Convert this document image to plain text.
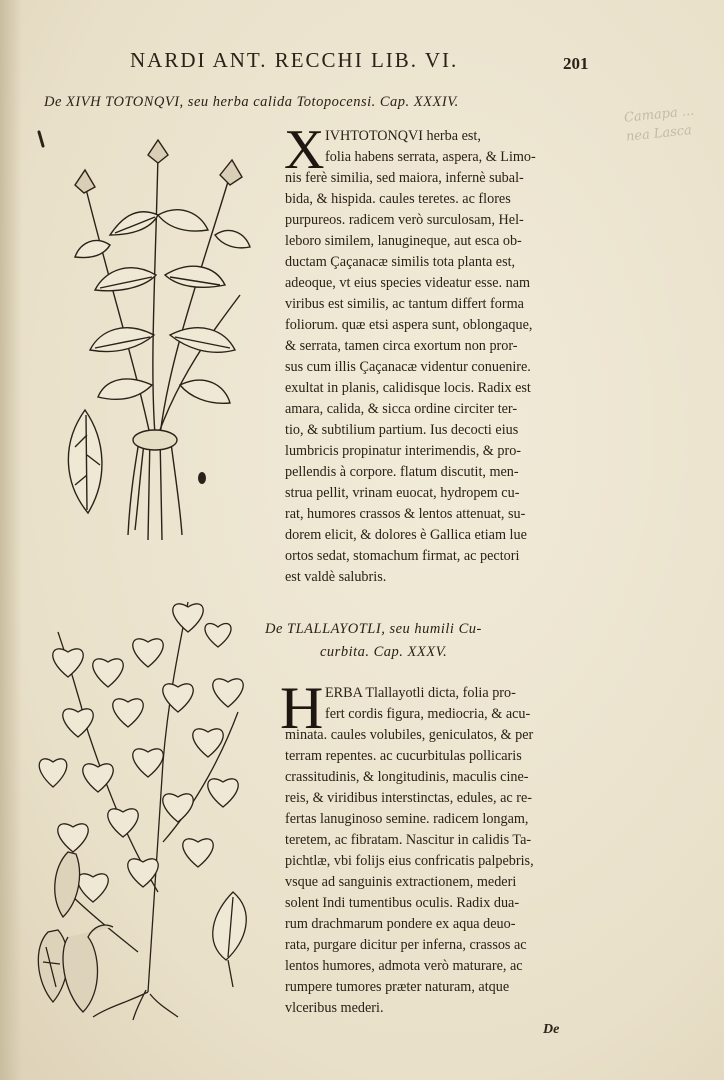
NARDI ANT. RECCHI LIB. VI.	201
Camapa ... nea Lasca
De XIVH TOTONQVI, seu herba calida Totopocensi. Cap. XXXIV.
X IVHTOTONQVI herba est,
folia habens serrata, aspera, & Limo-
nis ferè similia, sed maiora, infernè subal-
bida, & hispida. caules teretes. ac flores
purpureos. radicem verò surculosam, Hel-
leboro similem, lanugineque, aut esca ob-
ductam Çaçanacæ similis tota planta est,
adeoque, vt eius species videatur esse. nam
viribus est similis, ac tantum differt forma
foliorum. quæ etsi aspera sunt, oblongaque,
& serrata, tamen circa exortum non pror-
sus cum illis Çaçanacæ videntur conuenire.
exultat in planis, calidisque locis. Radix est
amara, calida, & sicca ordine circiter ter-
tio, & subtilium partium. Ius decocti eius
lumbricis propinatur interimendis, & pro-
pellendis à corpore. flatum discutit, men-
strua pellit, vrinam euocat, hydropem cu-
rat, humores crassos & lentos attenuat, su-
dorem elicit, & dolores è Gallica etiam lue
ortos sedat, stomachum firmat, ac pectori
est valdè salubris.
De TLALLAYOTLI, seu humili Cu-
curbita. Cap. XXXV.
H ERBA Tlallayotli dicta, folia pro-
fert cordis figura, mediocria, & acu-
minata. caules volubiles, geniculatos, & per
terram repentes. ac cucurbitulas pollicaris
crassitudinis, & longitudinis, maculis cine-
reis, & viridibus interstinctas, edules, ac re-
fertas lanuginoso semine. radicem longam,
teretem, ac fibratam. Nascitur in calidis Ta-
pichtlæ, vbi folijs eius confricatis palpebris,
vsque ad sanguinis extractionem, mederi
solent Indi tumentibus oculis. Radix dua-
rum drachmarum pondere ex aqua deuo-
rata, purgare dicitur per inferna, crassos ac
lentos humores, admota verò maturare, ac
rumpere tumores præter naturam, atque
vlceribus mederi.
De
